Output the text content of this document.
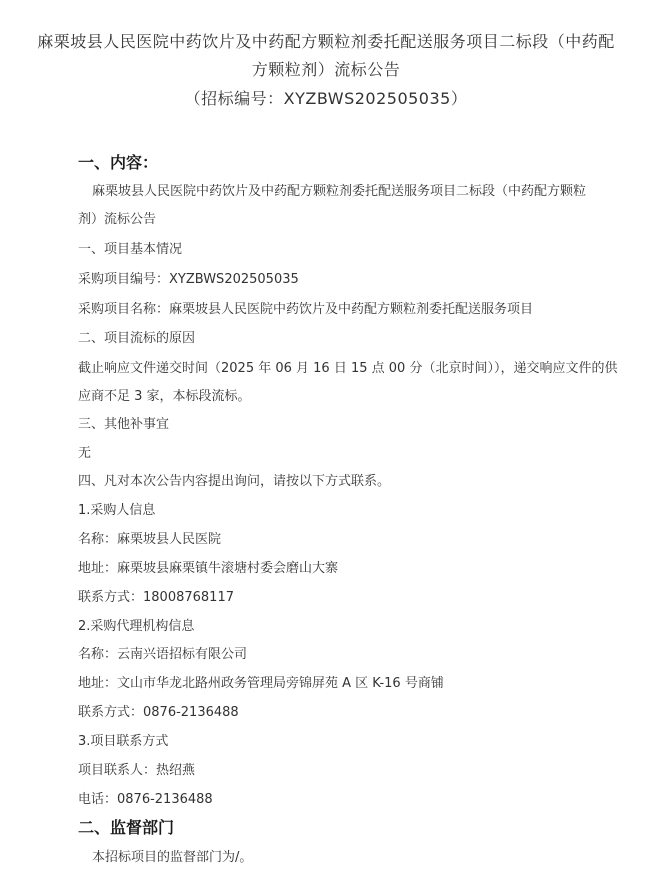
麻栗坡县人民医院中药饮片及中药配方颗粒剂委托配送服务项目二标段（中药配
方颗粒剂）流标公告
（招标编号：XYZBWS202505035）
一、内容：
麻栗坡县人民医院中药饮片及中药配方颗粒剂委托配送服务项目二标段（中药配方颗粒
剂）流标公告
一、项目基本情况
采购项目编号：XYZBWS202505035
采购项目名称：麻栗坡县人民医院中药饮片及中药配方颗粒剂委托配送服务项目
二、项目流标的原因
截止响应文件递交时间（2025 年 06 月 16 日 15 点 00 分（北京时间）），递交响应文件的供
应商不足 3 家，本标段流标。
三、其他补事宜
无
四、凡对本次公告内容提出询问，请按以下方式联系。
1.采购人信息
名称：麻栗坡县人民医院
地址：麻栗坡县麻栗镇牛滚塘村委会磨山大寨
联系方式：18008768117
2.采购代理机构信息
名称：云南兴语招标有限公司
地址：文山市华龙北路州政务管理局旁锦屏苑 A 区 K-16 号商铺
联系方式：0876-2136488
3.项目联系方式
项目联系人：热绍燕
电话：0876-2136488
二、监督部门
本招标项目的监督部门为/。
